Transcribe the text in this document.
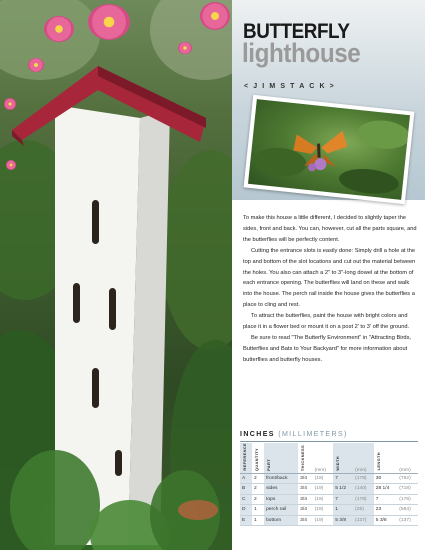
BUTTERFLY
lighthouse
< J I M S T A C K >

To make this house a little different, I decided to slightly taper the sides, front and back. You can, however, cut all the parts square, and the butterflies will be perfectly content.

Cutting the entrance slots is easily done: Simply drill a hole at the top and bottom of the slot locations and cut out the material between the holes. You also can attach a 2" to 3"-long dowel at the bottom of each entrance opening. The butterflies will land on these and walk into the house. The perch rail inside the house gives the butterflies a place to cling and rest.

To attract the butterflies, paint the house with bright colors and place it in a flower bed or mount it on a post 2' to 3' off the ground.

Be sure to read "The Butterfly Environment" in "Attracting Birds, Butterflies and Bats to Your Backyard" for more information about butterflies and butterfly houses.

INCHES (MILLIMETERS)
REFERENCE	QUANTITY	PART	THICKNESS	(mm)	WIDTH	(mm)	LENGTH	(mm)
A	2	front/back	3/4	(19)	7	(178)	30	(762)
B	2	sides	3/4	(19)	5 1/2	(140)	28 1/4	(718)
C	2	tops	3/4	(19)	7	(178)	7	(178)
D	1	perch rail	3/4	(19)	1	(25)	23	(584)
E	1	bottom	3/4	(19)	5 3/8	(137)	5 3/8	(137)
